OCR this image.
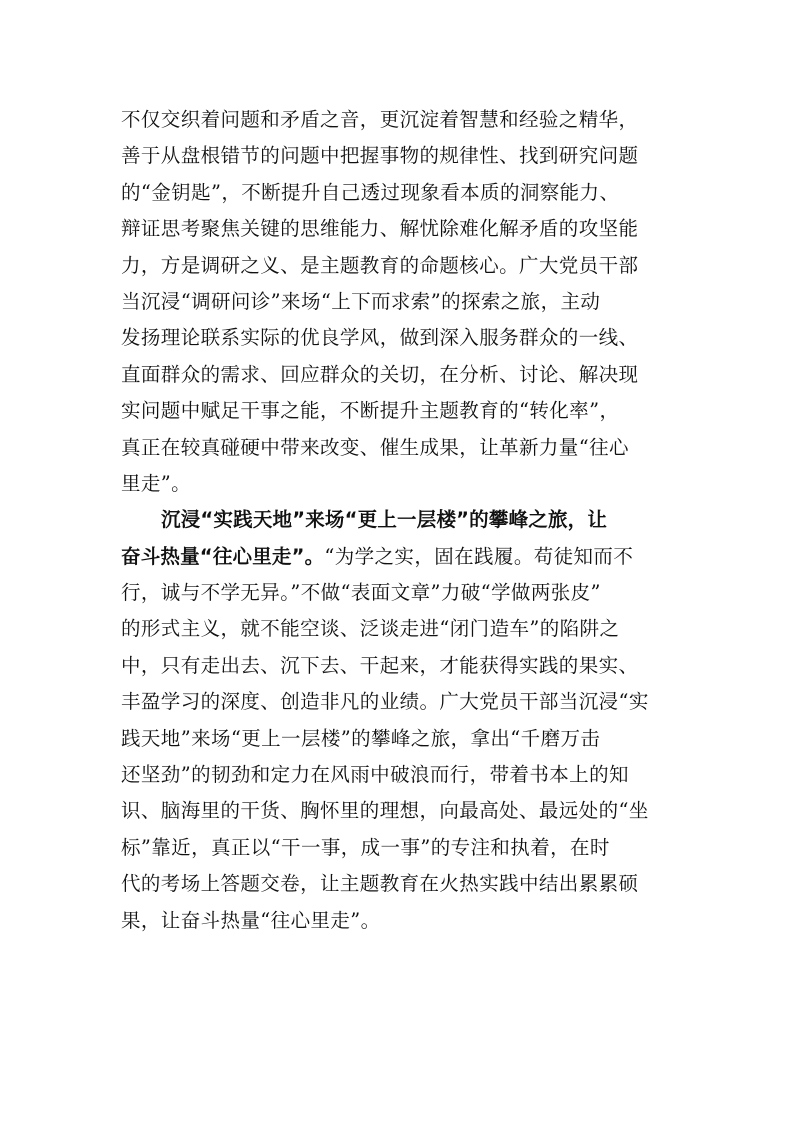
不仅交织着问题和矛盾之音，更沉淀着智慧和经验之精华，
善于从盘根错节的问题中把握事物的规律性、找到研究问题
的“金钥匙”，不断提升自己透过现象看本质的洞察能力、
辩证思考聚焦关键的思维能力、解忧除难化解矛盾的攻坚能
力，方是调研之义、是主题教育的命题核心。广大党员干部
当沉浸“调研问诊”来场“上下而求索”的探索之旅，主动
发扬理论联系实际的优良学风，做到深入服务群众的一线、
直面群众的需求、回应群众的关切，在分析、讨论、解决现
实问题中赋足干事之能，不断提升主题教育的“转化率”，
真正在较真碰硬中带来改变、催生成果，让革新力量“往心
里走”。
沉浸“实践天地”来场“更上一层楼”的攀峰之旅，让
奋斗热量“往心里走”。“为学之实，固在践履。苟徒知而不
行，诚与不学无异。”不做“表面文章”力破“学做两张皮”
的形式主义，就不能空谈、泛谈走进“闭门造车”的陷阱之
中，只有走出去、沉下去、干起来，才能获得实践的果实、
丰盈学习的深度、创造非凡的业绩。广大党员干部当沉浸“实
践天地”来场“更上一层楼”的攀峰之旅，拿出“千磨万击
还坚劲”的韧劲和定力在风雨中破浪而行，带着书本上的知
识、脑海里的干货、胸怀里的理想，向最高处、最远处的“坐
标”靠近，真正以“干一事，成一事”的专注和执着，在时
代的考场上答题交卷，让主题教育在火热实践中结出累累硕
果，让奋斗热量“往心里走”。
